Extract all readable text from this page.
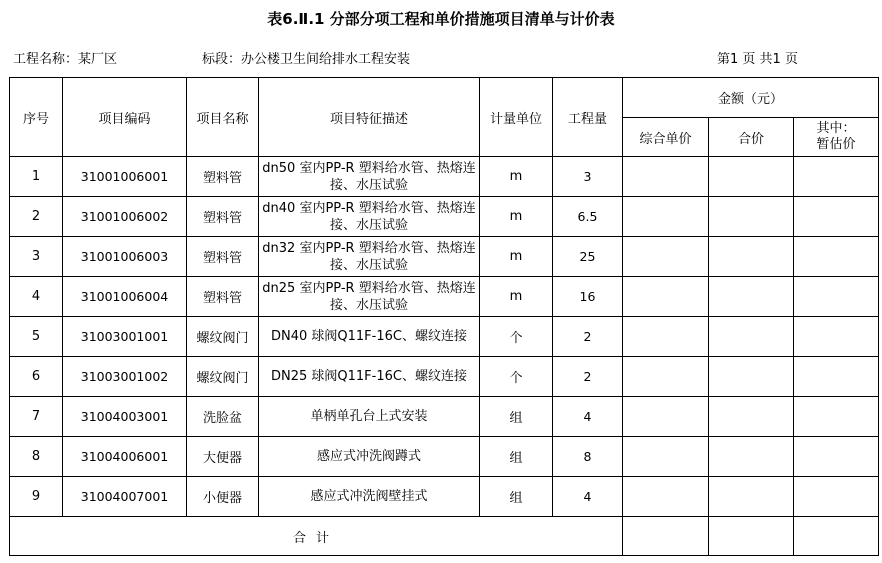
表6.Ⅱ.1 分部分项工程和单价措施项目清单与计价表
工程名称：某厂区	标段：办公楼卫生间给排水工程安装	第1 页 共1 页
序号	项目编码	项目名称	项目特征描述	计量单位	工程量	金额（元）		
						综合单价	合价	其中：暂估价
1	31001006001	塑料管	dn50 室内PP-R 塑料给水管、热熔连接、水压试验	m	3			
2	31001006002	塑料管	dn40 室内PP-R 塑料给水管、热熔连接、水压试验	m	6.5			
3	31001006003	塑料管	dn32 室内PP-R 塑料给水管、热熔连接、水压试验	m	25			
4	31001006004	塑料管	dn25 室内PP-R 塑料给水管、热熔连接、水压试验	m	16			
5	31003001001	螺纹阀门	DN40 球阀Q11F-16C、螺纹连接	个	2			
6	31003001002	螺纹阀门	DN25 球阀Q11F-16C、螺纹连接	个	2			
7	31004003001	洗脸盆	单柄单孔台上式安装	组	4			
8	31004006001	大便器	感应式冲洗阀蹲式	组	8			
9	31004007001	小便器	感应式冲洗阀壁挂式	组	4			
合计								
